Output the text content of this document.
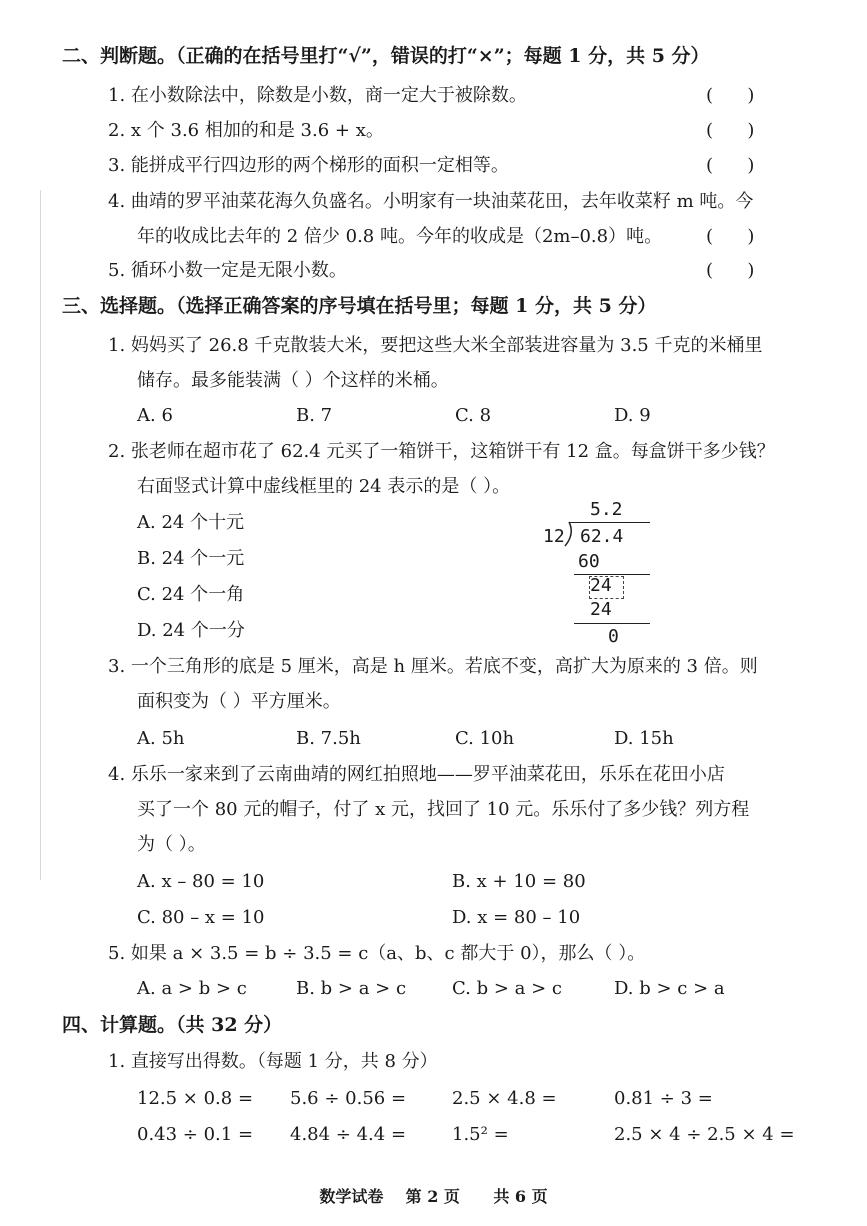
二、判断题。（正确的在括号里打“√”，错误的打“×”；每题 1 分，共 5 分）
1. 在小数除法中，除数是小数，商一定大于被除数。	(      )
2. x 个 3.6 相加的和是 3.6 + x。	(      )
3. 能拼成平行四边形的两个梯形的面积一定相等。	(      )
4. 曲靖的罗平油菜花海久负盛名。小明家有一块油菜花田，去年收菜籽 m 吨。今
年的收成比去年的 2 倍少 0.8 吨。今年的收成是（2m–0.8）吨。 (      )
5. 循环小数一定是无限小数。	(      )
三、选择题。（选择正确答案的序号填在括号里；每题 1 分，共 5 分）
1. 妈妈买了 26.8 千克散装大米，要把这些大米全部装进容量为 3.5 千克的米桶里
储存。最多能装满（ ）个这样的米桶。
A. 6	B. 7	C. 8	D. 9
2. 张老师在超市花了 62.4 元买了一箱饼干，这箱饼干有 12 盒。每盒饼干多少钱？
右面竖式计算中虚线框里的 24 表示的是（ ）。
A. 24 个十元
B. 24 个一元
C. 24 个一角
D. 24 个一分
5.2
12 62.4
60
24
24
0
3. 一个三角形的底是 5 厘米，高是 h 厘米。若底不变，高扩大为原来的 3 倍。则
面积变为（ ）平方厘米。
A. 5h	B. 7.5h	C. 10h	D. 15h
4. 乐乐一家来到了云南曲靖的网红拍照地——罗平油菜花田，乐乐在花田小店
买了一个 80 元的帽子，付了 x 元，找回了 10 元。乐乐付了多少钱？列方程
为（ ）。
A. x – 80 = 10	B. x + 10 = 80
C. 80 – x = 10	D. x = 80 – 10
5. 如果 a × 3.5 = b ÷ 3.5 = c（a、b、c 都大于 0），那么（ ）。
A. a > b > c	B. b > a > c	C. b > a > c	D. b > c > a
四、计算题。（共 32 分）
1. 直接写出得数。（每题 1 分，共 8 分）
12.5 × 0.8 = 5.6 ÷ 0.56 =	2.5 × 4.8 =	0.81 ÷ 3 =
0.43 ÷ 0.1 = 4.84 ÷ 4.4 =	1.5² =	2.5 × 4 ÷ 2.5 × 4 =
数学试卷    第 2 页      共 6 页
